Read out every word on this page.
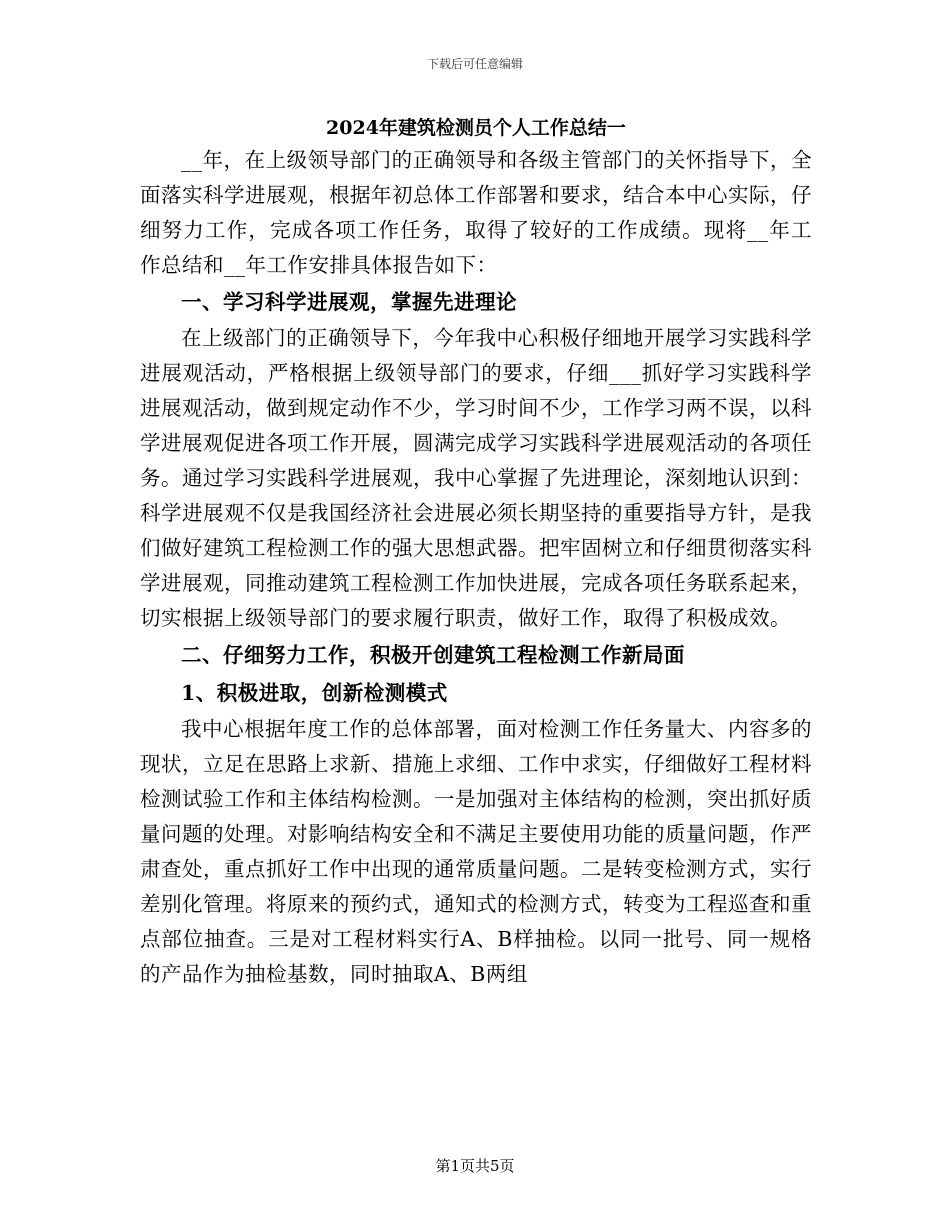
下载后可任意编辑
2024年建筑检测员个人工作总结一

__年，在上级领导部门的正确领导和各级主管部门的关怀指导下，全面落实科学进展观，根据年初总体工作部署和要求，结合本中心实际，仔细努力工作，完成各项工作任务，取得了较好的工作成绩。现将__年工作总结和__年工作安排具体报告如下：

一、学习科学进展观，掌握先进理论

在上级部门的正确领导下，今年我中心积极仔细地开展学习实践科学进展观活动，严格根据上级领导部门的要求，仔细___抓好学习实践科学进展观活动，做到规定动作不少，学习时间不少，工作学习两不误，以科学进展观促进各项工作开展，圆满完成学习实践科学进展观活动的各项任务。通过学习实践科学进展观，我中心掌握了先进理论，深刻地认识到：科学进展观不仅是我国经济社会进展必须长期坚持的重要指导方针，是我们做好建筑工程检测工作的强大思想武器。把牢固树立和仔细贯彻落实科学进展观，同推动建筑工程检测工作加快进展，完成各项任务联系起来，切实根据上级领导部门的要求履行职责，做好工作，取得了积极成效。

二、仔细努力工作，积极开创建筑工程检测工作新局面

1、积极进取，创新检测模式

我中心根据年度工作的总体部署，面对检测工作任务量大、内容多的现状，立足在思路上求新、措施上求细、工作中求实，仔细做好工程材料检测试验工作和主体结构检测。一是加强对主体结构的检测，突出抓好质量问题的处理。对影响结构安全和不满足主要使用功能的质量问题，作严肃查处，重点抓好工作中出现的通常质量问题。二是转变检测方式，实行差别化管理。将原来的预约式，通知式的检测方式，转变为工程巡查和重点部位抽查。三是对工程材料实行A、B样抽检。以同一批号、同一规格的产品作为抽检基数，同时抽取A、B两组

第1页共5页
